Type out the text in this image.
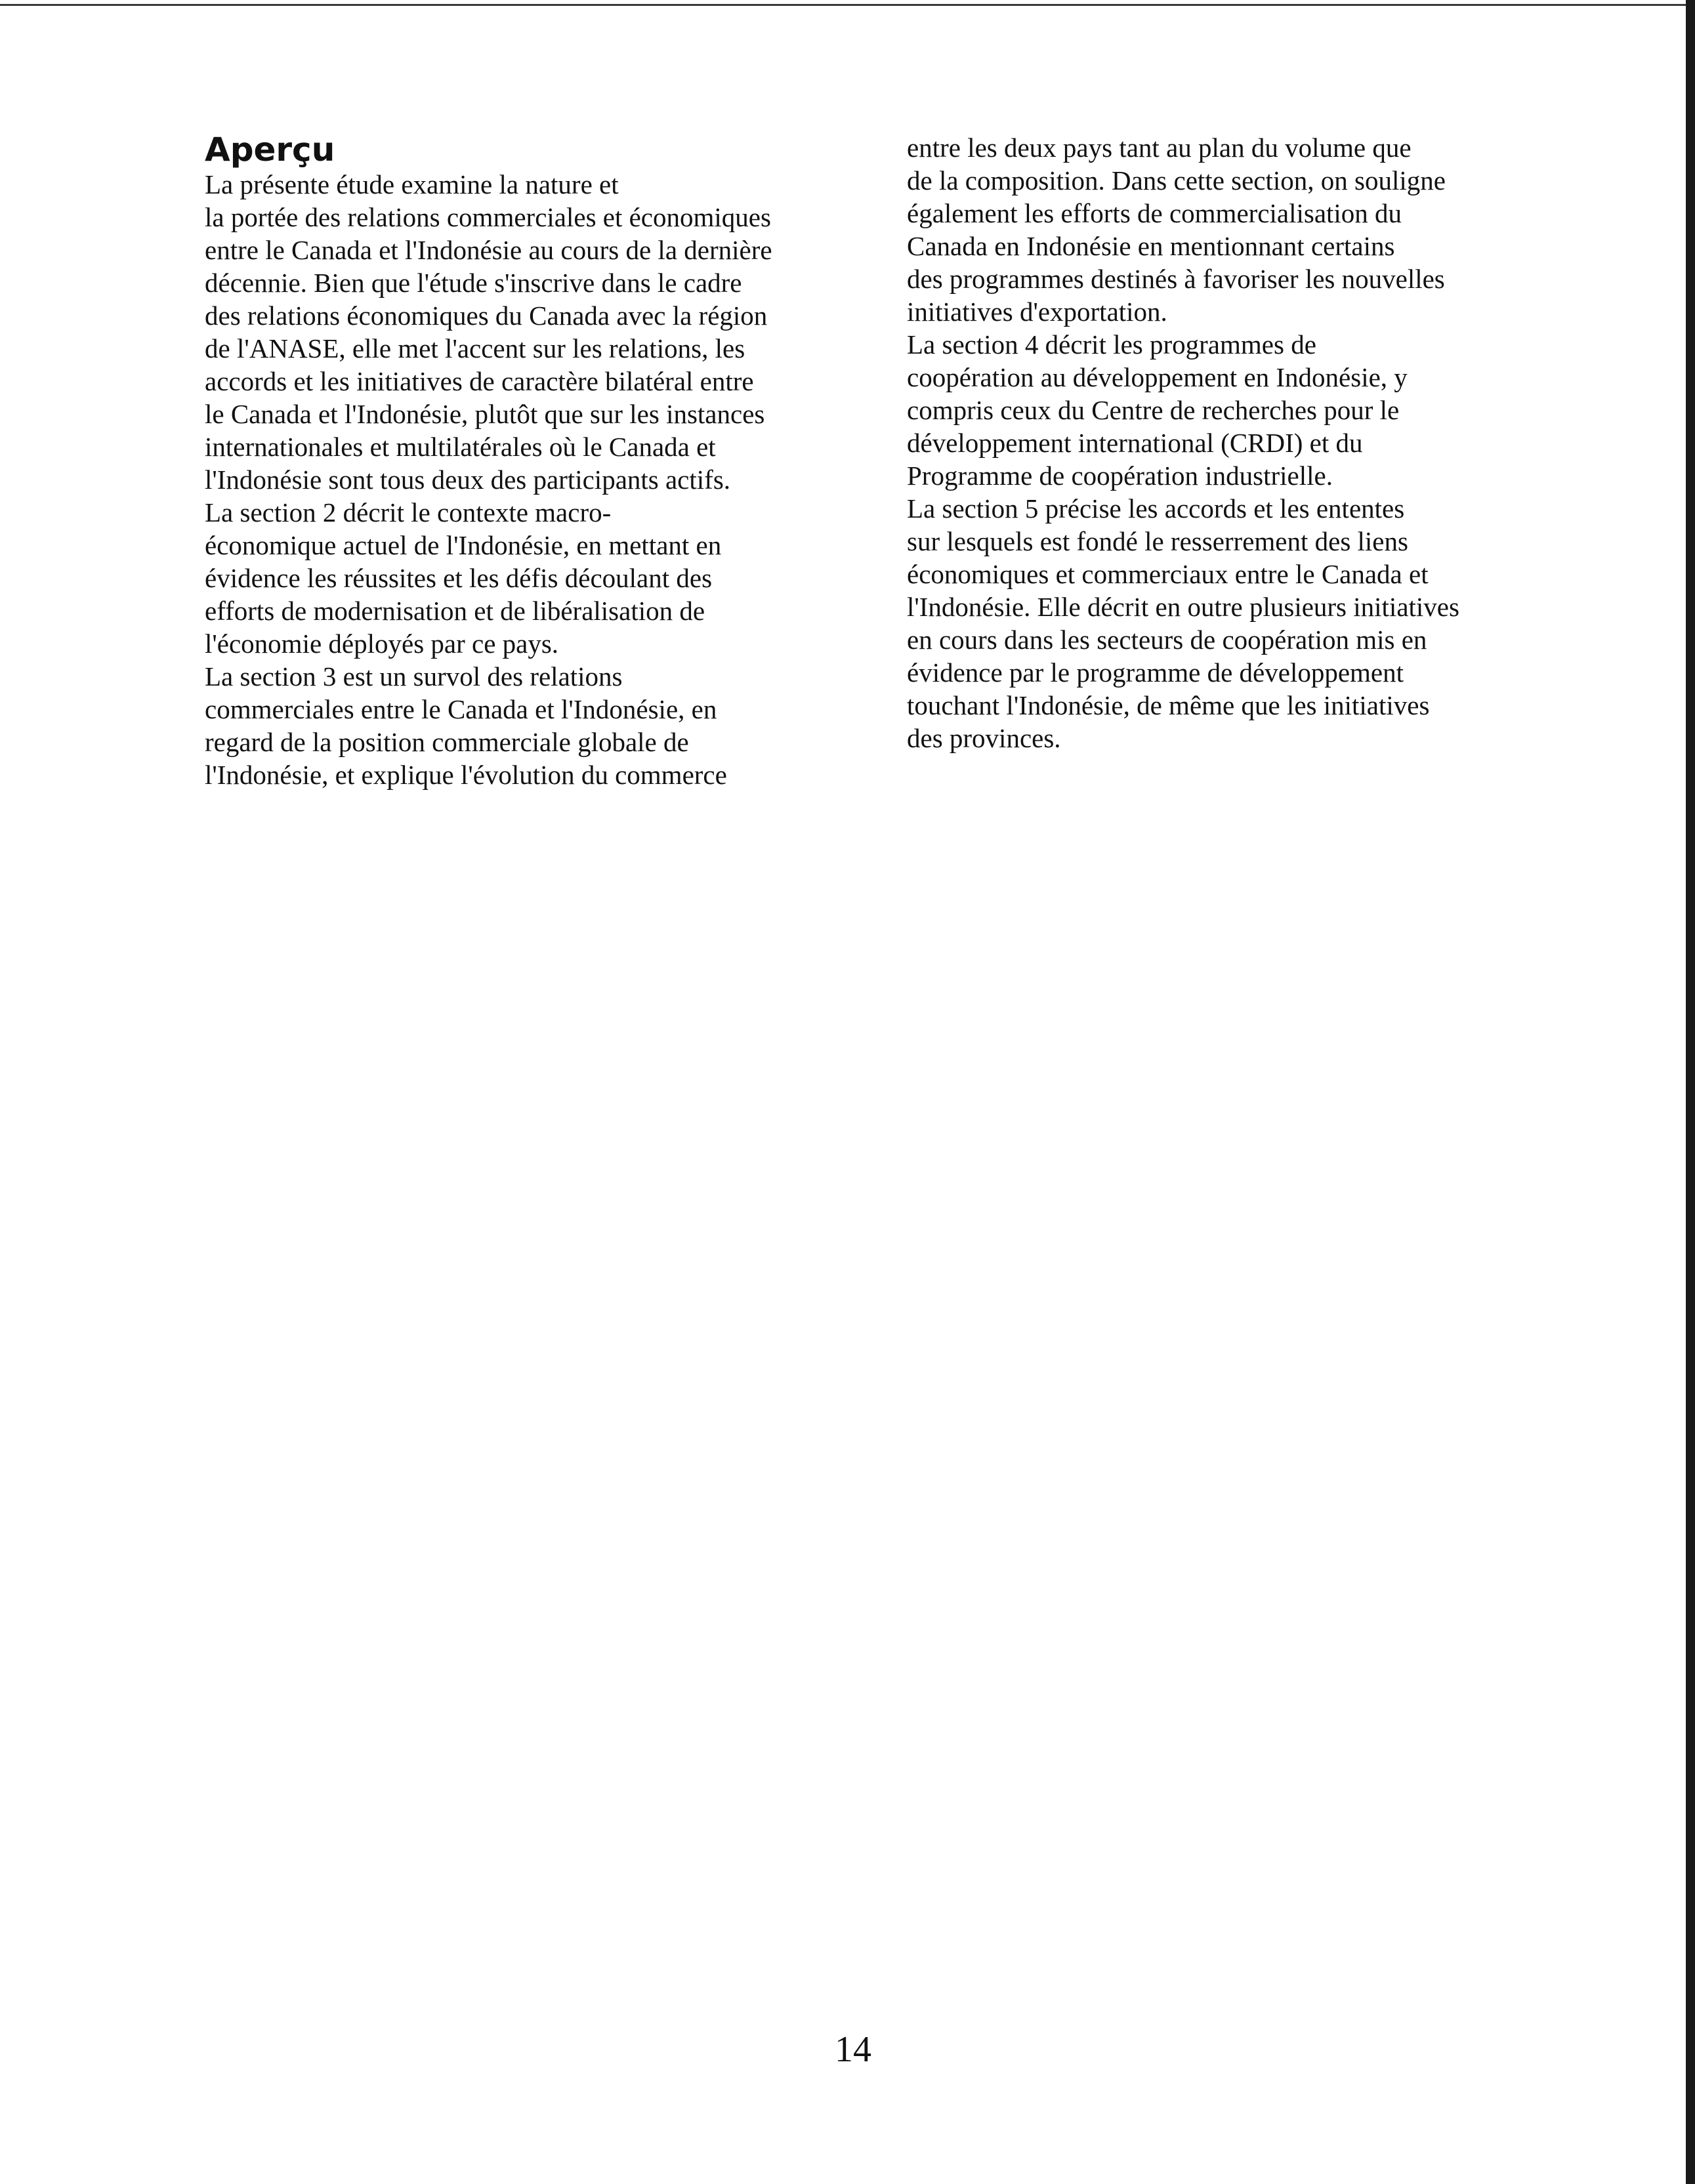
Aperçu

La présente étude examine la nature et
la portée des relations commerciales et économiques
entre le Canada et l'Indonésie au cours de la dernière
décennie. Bien que l'étude s'inscrive dans le cadre
des relations économiques du Canada avec la région
de l'ANASE, elle met l'accent sur les relations, les
accords et les initiatives de caractère bilatéral entre
le Canada et l'Indonésie, plutôt que sur les instances
internationales et multilatérales où le Canada et
l'Indonésie sont tous deux des participants actifs.

La section 2 décrit le contexte macro-
économique actuel de l'Indonésie, en mettant en
évidence les réussites et les défis découlant des
efforts de modernisation et de libéralisation de
l'économie déployés par ce pays.

La section 3 est un survol des relations
commerciales entre le Canada et l'Indonésie, en
regard de la position commerciale globale de
l'Indonésie, et explique l'évolution du commerce

entre les deux pays tant au plan du volume que
de la composition. Dans cette section, on souligne
également les efforts de commercialisation du
Canada en Indonésie en mentionnant certains
des programmes destinés à favoriser les nouvelles
initiatives d'exportation.

La section 4 décrit les programmes de
coopération au développement en Indonésie, y
compris ceux du Centre de recherches pour le
développement international (CRDI) et du
Programme de coopération industrielle.

La section 5 précise les accords et les ententes
sur lesquels est fondé le resserrement des liens
économiques et commerciaux entre le Canada et
l'Indonésie. Elle décrit en outre plusieurs initiatives
en cours dans les secteurs de coopération mis en
évidence par le programme de développement
touchant l'Indonésie, de même que les initiatives
des provinces.

14
